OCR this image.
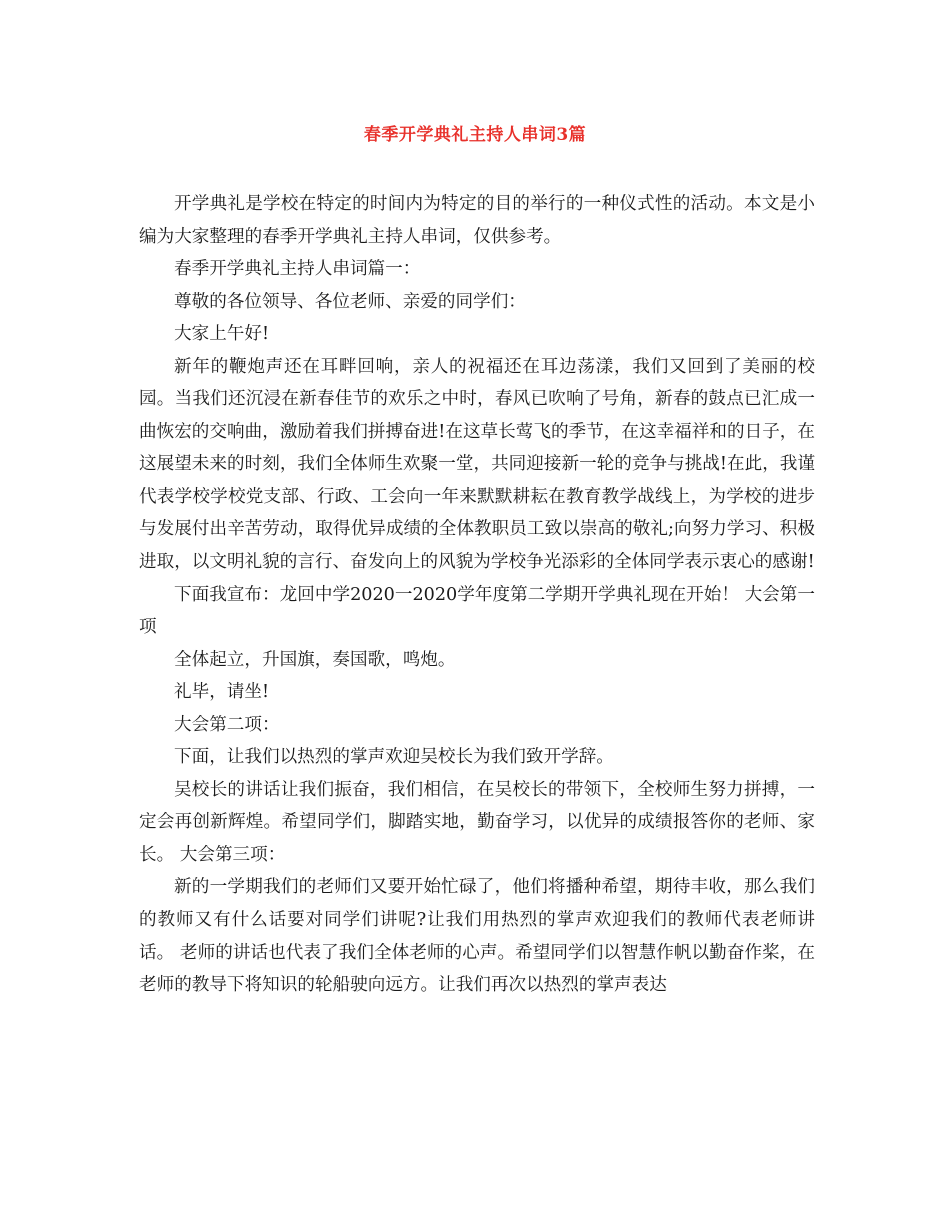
春季开学典礼主持人串词3篇

开学典礼是学校在特定的时间内为特定的目的举行的一种仪式性的活动。本文是小编为大家整理的春季开学典礼主持人串词，仅供参考。

春季开学典礼主持人串词篇一：

尊敬的各位领导、各位老师、亲爱的同学们：

大家上午好!

新年的鞭炮声还在耳畔回响，亲人的祝福还在耳边荡漾，我们又回到了美丽的校园。当我们还沉浸在新春佳节的欢乐之中时，春风已吹响了号角，新春的鼓点已汇成一曲恢宏的交响曲，激励着我们拼搏奋进!在这草长莺飞的季节，在这幸福祥和的日子，在这展望未来的时刻，我们全体师生欢聚一堂，共同迎接新一轮的竞争与挑战!在此，我谨代表学校学校党支部、行政、工会向一年来默默耕耘在教育教学战线上，为学校的进步与发展付出辛苦劳动，取得优异成绩的全体教职员工致以崇高的敬礼;向努力学习、积极进取，以文明礼貌的言行、奋发向上的风貌为学校争光添彩的全体同学表示衷心的感谢!

下面我宣布：龙回中学2020一2020学年度第二学期开学典礼现在开始！ 大会第一项

全体起立，升国旗，奏国歌，鸣炮。

礼毕，请坐!

大会第二项：

下面，让我们以热烈的掌声欢迎吴校长为我们致开学辞。

吴校长的讲话让我们振奋，我们相信，在吴校长的带领下，全校师生努力拼搏，一定会再创新辉煌。希望同学们，脚踏实地，勤奋学习，以优异的成绩报答你的老师、家长。 大会第三项：

新的一学期我们的老师们又要开始忙碌了，他们将播种希望，期待丰收，那么我们的教师又有什么话要对同学们讲呢?让我们用热烈的掌声欢迎我们的教师代表老师讲话。 老师的讲话也代表了我们全体老师的心声。希望同学们以智慧作帆以勤奋作桨，在老师的教导下将知识的轮船驶向远方。让我们再次以热烈的掌声表达
